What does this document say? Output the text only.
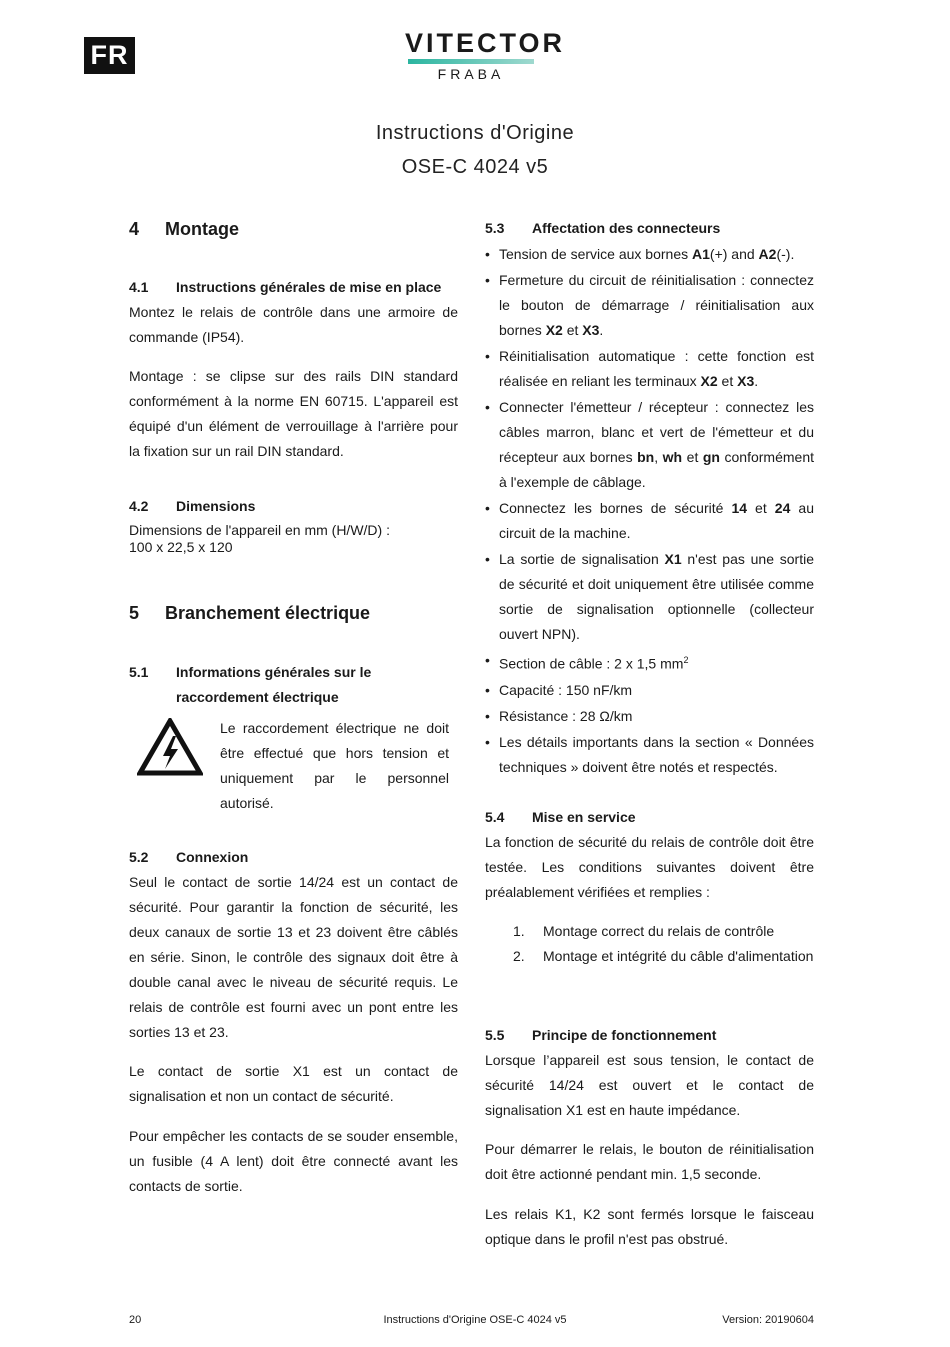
FR	VITECTOR
FRABA
Instructions d'Origine
OSE-C 4024 v5
4 Montage
4.1 Instructions générales de mise en place
Montez le relais de contrôle dans une armoire de commande (IP54).
Montage : se clipse sur des rails DIN standard conformément à la norme EN 60715. L'appareil est équipé d'un élément de verrouillage à l'arrière pour la fixation sur un rail DIN standard.
4.2 Dimensions
Dimensions de l'appareil en mm (H/W/D) :
100 x 22,5 x 120
5 Branchement électrique
5.1 Informations générales sur le
raccordement électrique
Le raccordement électrique ne doit être effectué que hors tension et uniquement par le personnel autorisé.
5.2 Connexion
Seul le contact de sortie 14/24 est un contact de sécurité. Pour garantir la fonction de sécurité, les deux canaux de sortie 13 et 23 doivent être câblés en série. Sinon, le contrôle des signaux doit être à double canal avec le niveau de sécurité requis. Le relais de contrôle est fourni avec un pont entre les sorties 13 et 23.
Le contact de sortie X1 est un contact de signalisation et non un contact de sécurité.
Pour empêcher les contacts de se souder ensemble, un fusible (4 A lent) doit être connecté avant les contacts de sortie.
5.3 Affectation des connecteurs
• Tension de service aux bornes A1(+) and A2(-).
• Fermeture du circuit de réinitialisation : connectez le bouton de démarrage / réinitialisation aux bornes X2 et X3.
• Réinitialisation automatique : cette fonction est réalisée en reliant les terminaux X2 et X3.
• Connecter l'émetteur / récepteur : connectez les câbles marron, blanc et vert de l'émetteur et du récepteur aux bornes bn, wh et gn conformément à l'exemple de câblage.
• Connectez les bornes de sécurité 14 et 24 au circuit de la machine.
• La sortie de signalisation X1 n'est pas une sortie de sécurité et doit uniquement être utilisée comme sortie de signalisation optionnelle (collecteur ouvert NPN).
• Section de câble : 2 x 1,5 $mm^2$
• Capacité : 150 nF/km
• Résistance : 28 Ω/km
• Les détails importants dans la section « Données techniques » doivent être notés et respectés.
5.4 Mise en service
La fonction de sécurité du relais de contrôle doit être testée. Les conditions suivantes doivent être préalablement vérifiées et remplies :
1. Montage correct du relais de contrôle
2. Montage et intégrité du câble d'alimentation
5.5 Principe de fonctionnement
Lorsque l’appareil est sous tension, le contact de sécurité 14/24 est ouvert et le contact de signalisation X1 est en haute impédance.
Pour démarrer le relais, le bouton de réinitialisation doit être actionné pendant min. 1,5 seconde.
Les relais K1, K2 sont fermés lorsque le faisceau optique dans le profil n'est pas obstrué.
20	Instructions d'Origine OSE-C 4024 v5	Version: 20190604
